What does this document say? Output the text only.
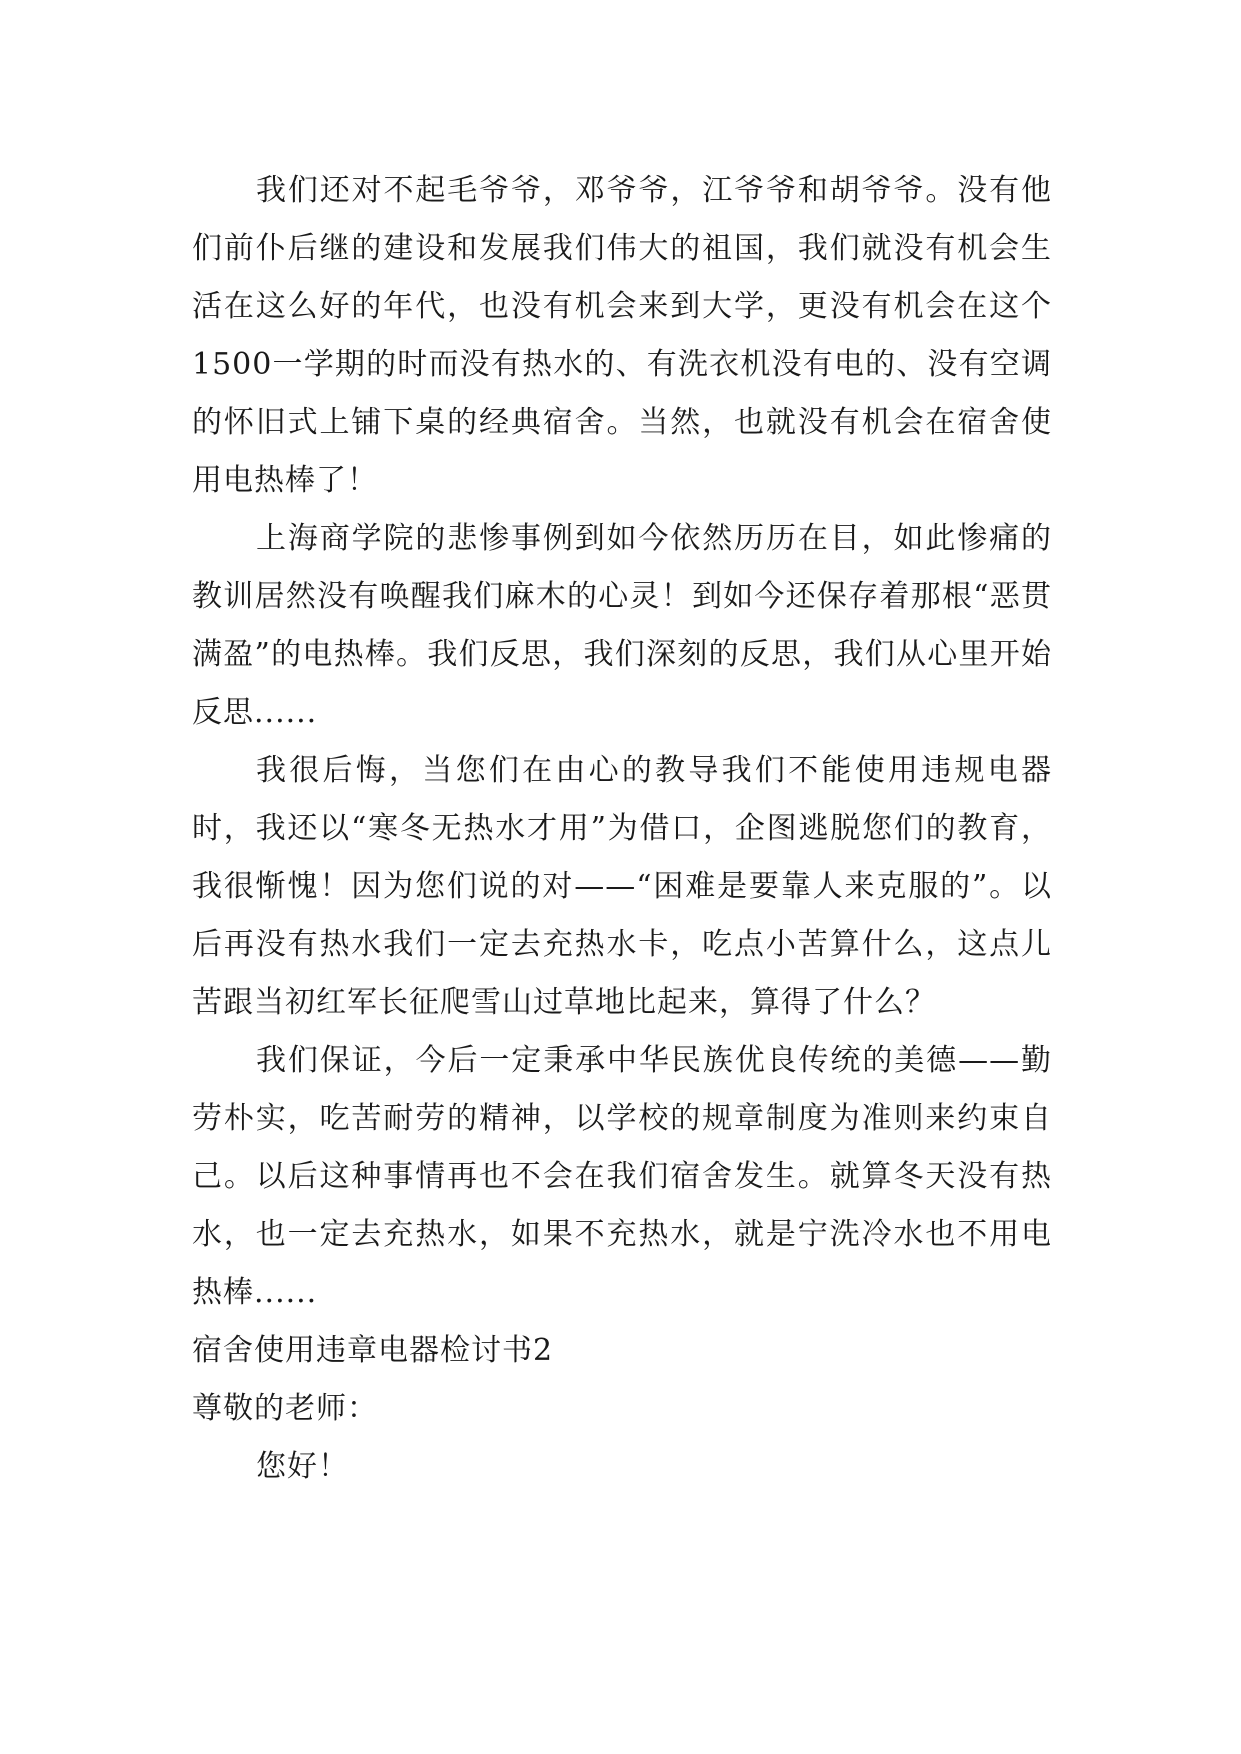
我们还对不起毛爷爷，邓爷爷，江爷爷和胡爷爷。没有他们前仆后继的建设和发展我们伟大的祖国，我们就没有机会生活在这么好的年代，也没有机会来到大学，更没有机会在这个1500一学期的时而没有热水的、有洗衣机没有电的、没有空调的怀旧式上铺下桌的经典宿舍。当然，也就没有机会在宿舍使用电热棒了！

上海商学院的悲惨事例到如今依然历历在目，如此惨痛的教训居然没有唤醒我们麻木的心灵！到如今还保存着那根“恶贯满盈”的电热棒。我们反思，我们深刻的反思，我们从心里开始反思......

我很后悔，当您们在由心的教导我们不能使用违规电器时，我还以“寒冬无热水才用”为借口，企图逃脱您们的教育，我很惭愧！因为您们说的对——“困难是要靠人来克服的”。以后再没有热水我们一定去充热水卡，吃点小苦算什么，这点儿苦跟当初红军长征爬雪山过草地比起来，算得了什么？

我们保证，今后一定秉承中华民族优良传统的美德——勤劳朴实，吃苦耐劳的精神，以学校的规章制度为准则来约束自己。以后这种事情再也不会在我们宿舍发生。就算冬天没有热水，也一定去充热水，如果不充热水，就是宁洗冷水也不用电热棒......

宿舍使用违章电器检讨书2

尊敬的老师：

您好！
